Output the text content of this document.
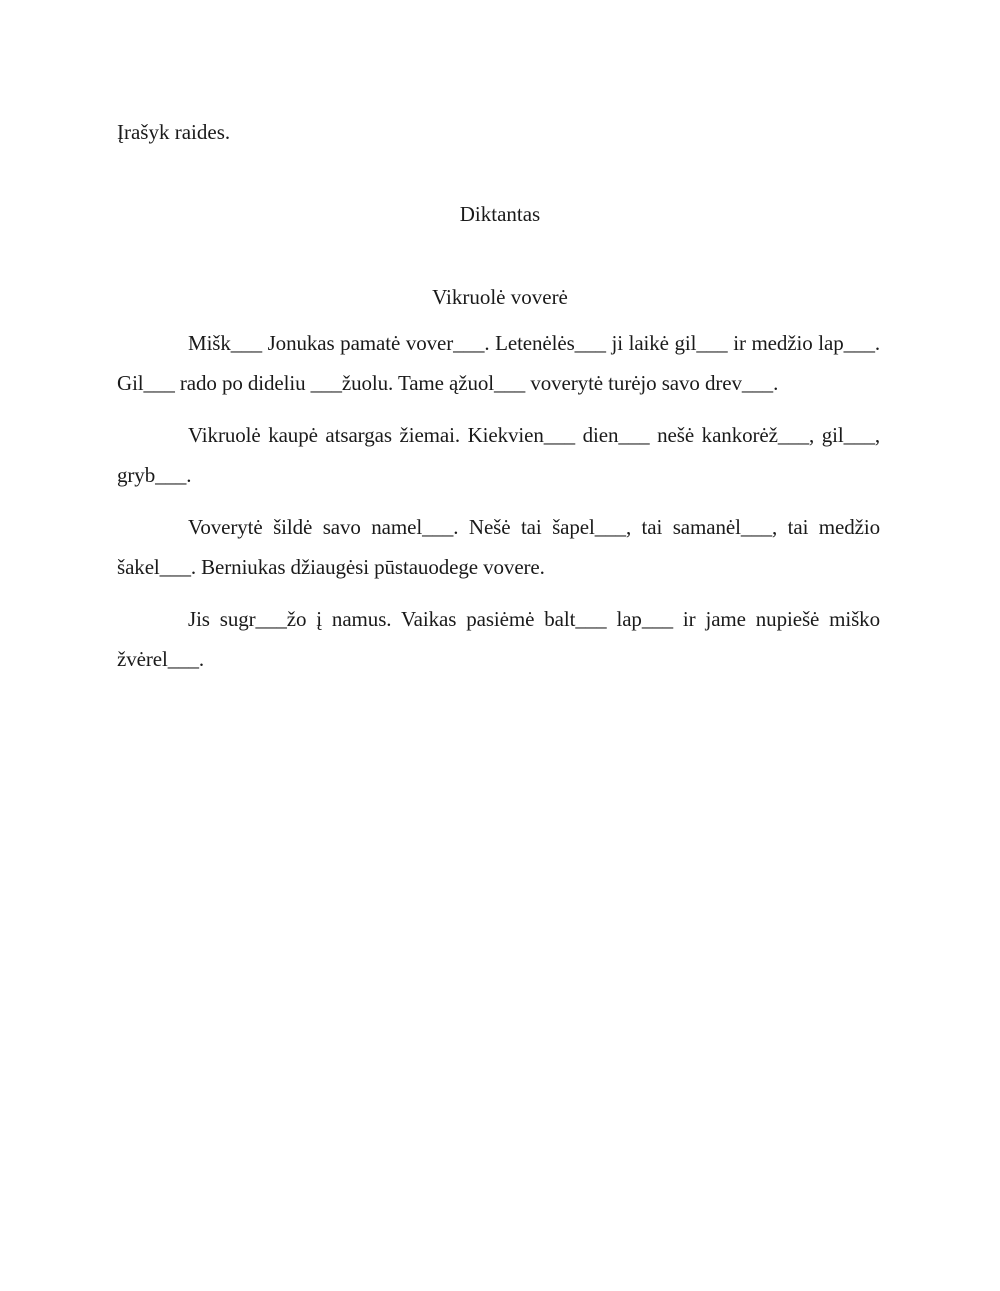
Įrašyk raides.
Diktantas
Vikruolė voverė

Mišk___ Jonukas pamatė vover___. Letenėlės___ ji laikė gil___ ir medžio lap___. Gil___ rado po dideliu ___žuolu. Tame ąžuol___ voverytė turėjo savo drev___.

Vikruolė kaupė atsargas žiemai. Kiekvien___ dien___ nešė kankorėž___, gil___, gryb___.

Voverytė šildė savo namel___. Nešė tai šapel___, tai samanėl___, tai medžio šakel___. Berniukas džiaugėsi pūstauodege vovere.

Jis sugr___žo į namus. Vaikas pasiėmė balt___ lap___ ir jame nupiešė miško žvėrel___.
